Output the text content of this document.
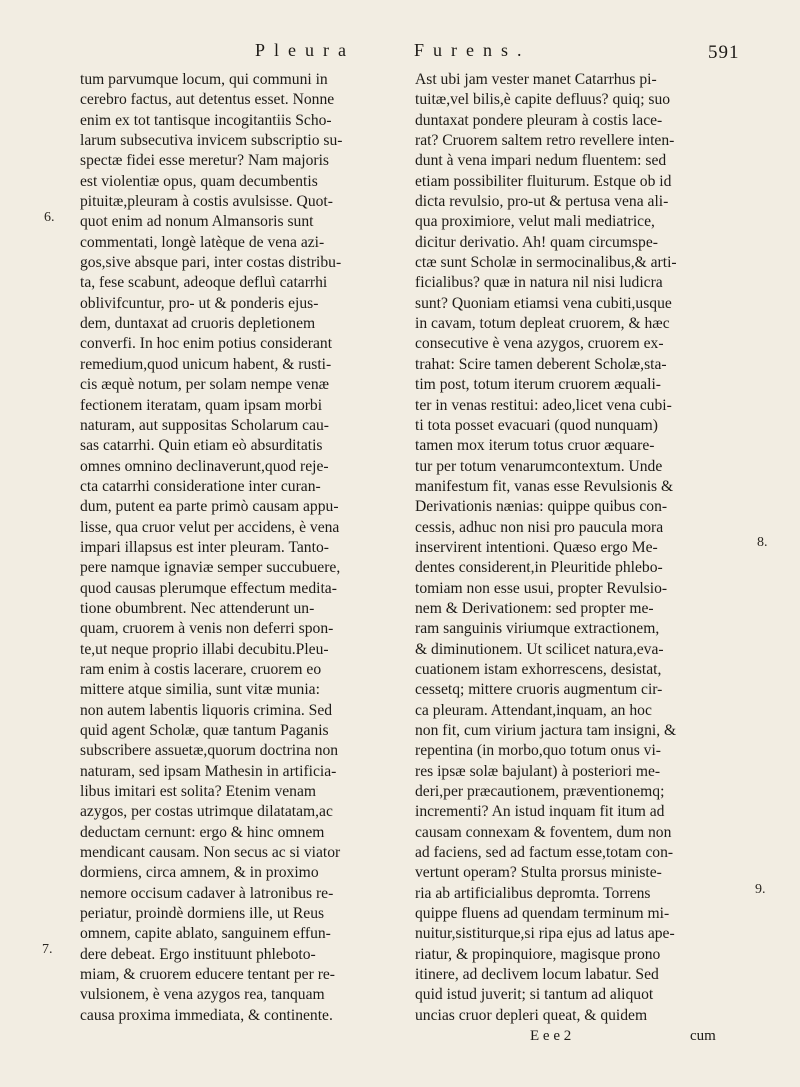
Pleura	Furens.	591
tum parvumque locum, qui communi in
cerebro factus, aut detentus esset. Nonne
enim ex tot tantisque incogitantiis Scho-
larum subsecutiva invicem subscriptio su-
spectæ fidei esse meretur? Nam majoris
est violentiæ opus, quam decumbentis
pituitæ,pleuram à costis avulsisse. Quot-
quot enim ad nonum Almansoris sunt
commentati, longè latèque de vena azi-
gos,sive absque pari, inter costas distribu-
ta, fese scabunt, adeoque defluì catarrhi
oblivifcuntur, pro- ut & ponderis ejus-
dem, duntaxat ad cruoris depletionem
converfi. In hoc enim potius considerant
remedium,quod unicum habent, & rusti-
cis æquè notum, per solam nempe venæ
fectionem iteratam, quam ipsam morbi
naturam, aut suppositas Scholarum cau-
sas catarrhi. Quin etiam eò absurditatis
omnes omnino declinaverunt,quod reje-
cta catarrhi consideratione inter curan-
dum, putent ea parte primò causam appu-
lisse, qua cruor velut per accidens, è vena
impari illapsus est inter pleuram. Tanto-
pere namque ignaviæ semper succubuere,
quod causas plerumque effectum medita-
tione obumbrent. Nec attenderunt un-
quam, cruorem à venis non deferri spon-
te,ut neque proprio illabi decubitu.Pleu-
ram enim à costis lacerare, cruorem eo
mittere atque similia, sunt vitæ munia:
non autem labentis liquoris crimina. Sed
quid agent Scholæ, quæ tantum Paganis
subscribere assuetæ,quorum doctrina non
naturam, sed ipsam Mathesin in artificia-
libus imitari est solita? Etenim venam
azygos, per costas utrimque dilatatam,ac
deductam cernunt: ergo & hinc omnem
mendicant causam. Non secus ac si viator
dormiens, circa amnem, & in proximo
nemore occisum cadaver à latronibus re-
periatur, proindè dormiens ille, ut Reus
omnem, capite ablato, sanguinem effun-
dere debeat. Ergo instituunt phleboto-
miam, & cruorem educere tentant per re-
vulsionem, è vena azygos rea, tanquam
causa proxima immediata, & continente.
Ast ubi jam vester manet Catarrhus pi-
tuitæ,vel bilis,è capite defluus? quiq; suo
duntaxat pondere pleuram à costis lace-
rat? Cruorem saltem retro revellere inten-
dunt à vena impari nedum fluentem: sed
etiam possibiliter fluiturum. Estque ob id
dicta revulsio, pro-ut & pertusa vena ali-
qua proximiore, velut mali mediatrice,
dicitur derivatio. Ah! quam circumspe-
ctæ sunt Scholæ in sermocinalibus,& arti-
ficialibus? quæ in natura nil nisi ludicra
sunt? Quoniam etiamsi vena cubiti,usque
in cavam, totum depleat cruorem, & hæc
consecutive è vena azygos, cruorem ex-
trahat: Scire tamen deberent Scholæ,sta-
tim post, totum iterum cruorem æquali-
ter in venas restitui: adeo,licet vena cubi-
ti tota posset evacuari (quod nunquam)
tamen mox iterum totus cruor æquare-
tur per totum venarumcontextum. Unde
manifestum fit, vanas esse Revulsionis &
Derivationis nænias: quippe quibus con-
cessis, adhuc non nisi pro paucula mora
inservirent intentioni. Quæso ergo Me-
dentes considerent,in Pleuritide phlebo-
tomiam non esse usui, propter Revulsio-
nem & Derivationem: sed propter me-
ram sanguinis viriumque extractionem,
& diminutionem. Ut scilicet natura,eva-
cuationem istam exhorrescens, desistat,
cessetq; mittere cruoris augmentum cir-
ca pleuram. Attendant,inquam, an hoc
non fit, cum virium jactura tam insigni, &
repentina (in morbo,quo totum onus vi-
res ipsæ solæ bajulant) à posteriori me-
deri,per præcautionem, præventionemq;
incrementi? An istud inquam fit itum ad
causam connexam & foventem, dum non
ad faciens, sed ad factum esse,totam con-
vertunt operam? Stulta prorsus ministe-
ria ab artificialibus depromta. Torrens
quippe fluens ad quendam terminum mi-
nuitur,sistiturque,si ripa ejus ad latus ape-
riatur, & propinquiore, magisque prono
itinere, ad declivem locum labatur. Sed
quid istud juverit; si tantum ad aliquot
uncias cruor depleri queat, & quidem
6.
7.
8.
9.
E e e 2	cum
